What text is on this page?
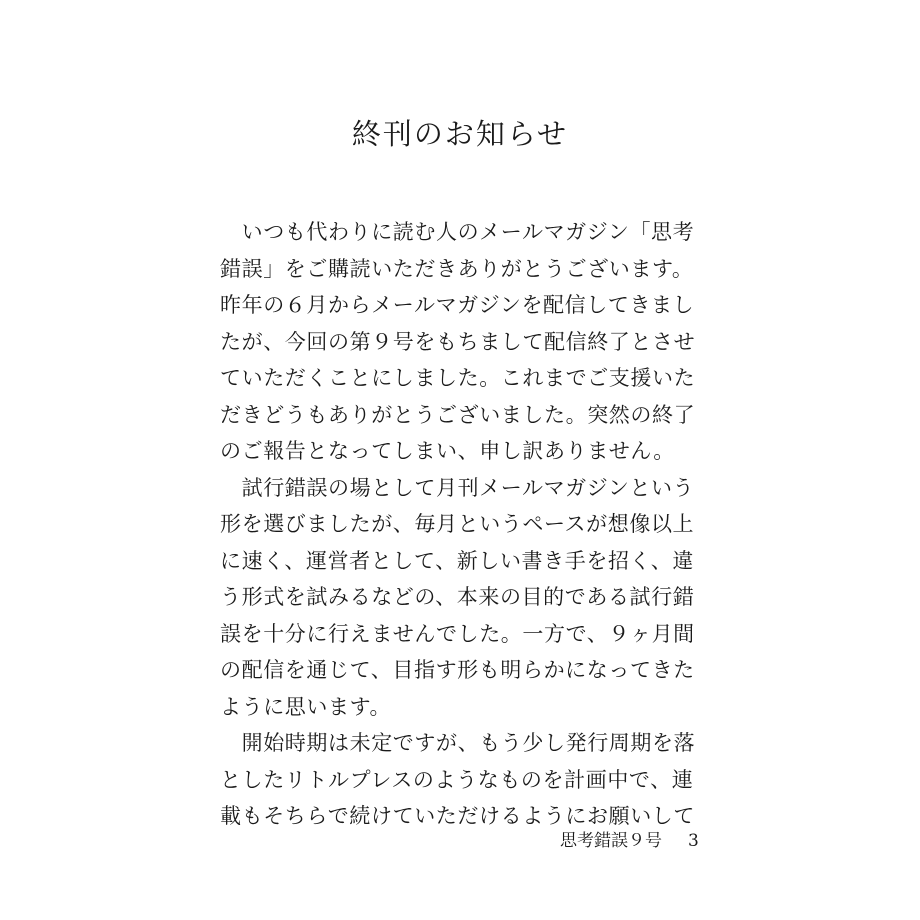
終刊のお知らせ

　いつも代わりに読む人のメールマガジン「思考

錯誤」をご購読いただきありがとうございます。

昨年の６月からメールマガジンを配信してきまし

たが、今回の第９号をもちまして配信終了とさせ

ていただくことにしました。これまでご支援いた

だきどうもありがとうございました。突然の終了

のご報告となってしまい、申し訳ありません。

　試行錯誤の場として月刊メールマガジンという

形を選びましたが、毎月というペースが想像以上

に速く、運営者として、新しい書き手を招く、違

う形式を試みるなどの、本来の目的である試行錯

誤を十分に行えませんでした。一方で、９ヶ月間

の配信を通じて、目指す形も明らかになってきた

ように思います。

　開始時期は未定ですが、もう少し発行周期を落

としたリトルプレスのようなものを計画中で、連

載もそちらで続けていただけるようにお願いして

思考錯誤９号 3
